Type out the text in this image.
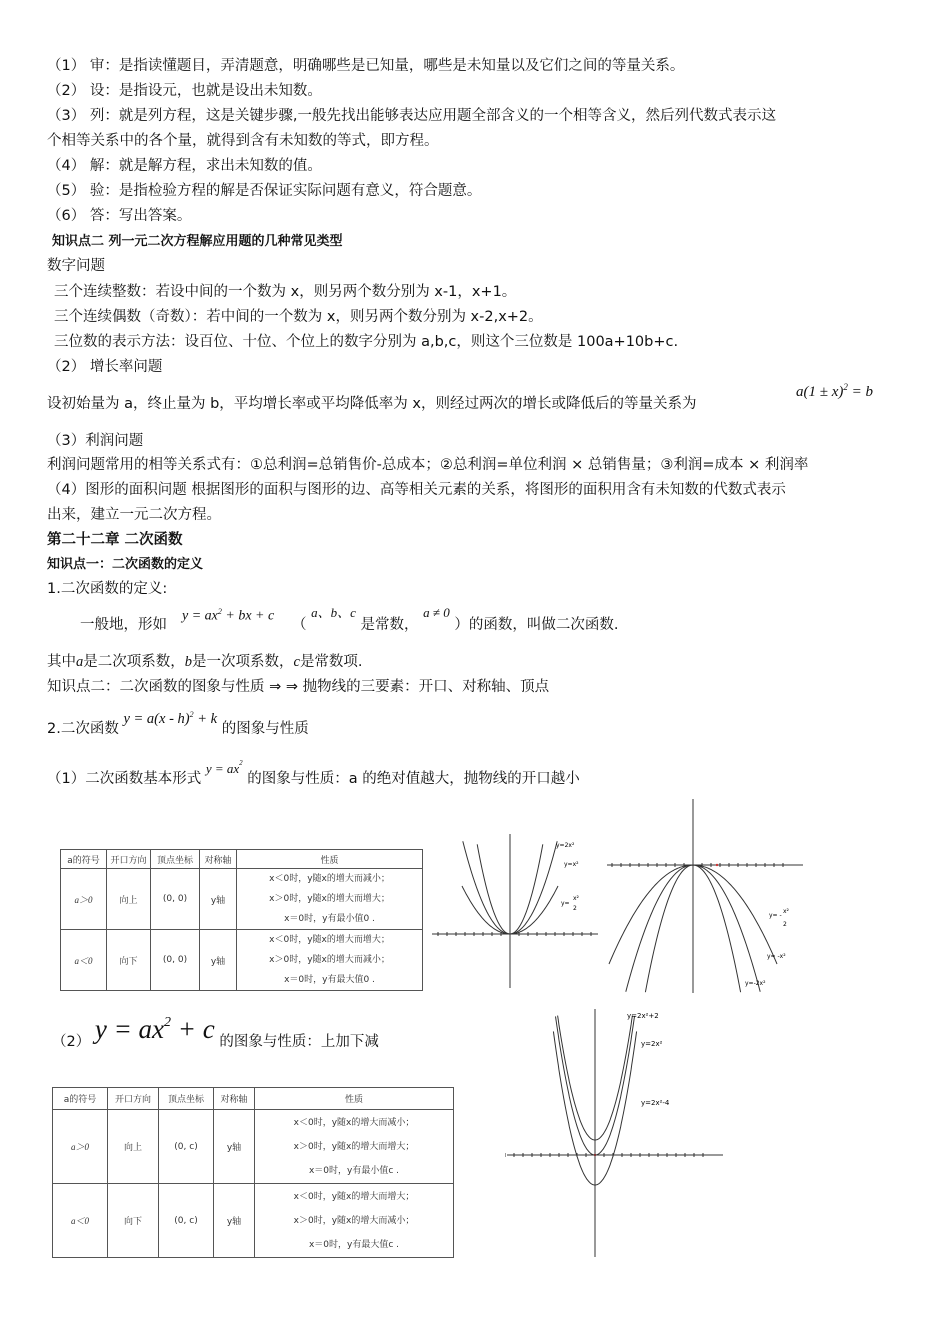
（1） 审：是指读懂题目，弄清题意，明确哪些是已知量，哪些是未知量以及它们之间的等量关系。
（2） 设：是指设元，也就是设出未知数。
（3） 列：就是列方程，这是关键步骤,一般先找出能够表达应用题全部含义的一个相等含义，然后列代数式表示这
个相等关系中的各个量，就得到含有未知数的等式，即方程。
（4） 解：就是解方程，求出未知数的值。
（5） 验：是指检验方程的解是否保证实际问题有意义，符合题意。
（6） 答：写出答案。
知识点二 列一元二次方程解应用题的几种常见类型
数字问题
三个连续整数：若设中间的一个数为 x，则另两个数分别为 x-1，x+1。
三个连续偶数（奇数）：若中间的一个数为 x，则另两个数分别为 x-2,x+2。
三位数的表示方法：设百位、十位、个位上的数字分别为 a,b,c，则这个三位数是 100a+10b+c.
（2） 增长率问题
设初始量为 a，终止量为 b，平均增长率或平均降低率为 x，则经过两次的增长或降低后的等量关系为
$a(1 \pm x)^2 = b$
（3）利润问题
利润问题常用的相等关系式有：①总利润=总销售价-总成本；②总利润=单位利润 × 总销售量；③利润=成本 × 利润率
（4）图形的面积问题 根据图形的面积与图形的边、高等相关元素的关系，将图形的面积用含有未知数的代数式表示
出来，建立一元二次方程。
第二十二章 二次函数
知识点一：二次函数的定义
1.二次函数的定义:
一般地，形如
$y = ax^2$ + bx + c
（ a、b、c 是常数， a ≠ 0 ）的函数，叫做二次函数.
其中a是二次项系数，b是一次项系数，c是常数项.
知识点二：二次函数的图象与性质 ⇒ ⇒ 抛物线的三要素：开口、对称轴、顶点
2.二次函数 y = a(x - h)$^2$ + k 的图象与性质
（1）二次函数基本形式 $y = ax^2$ 的图象与性质：a 的绝对值越大，抛物线的开口越小
a的符号	开口方向	顶点坐标	对称轴	性质
a＞0	向上	(0, 0)	y轴	x＜0时，y随x的增大而减小；
x＞0时，y随x的增大而增大；
x＝0时，y有最小值0 .

a＜0	向下	(0, 0)	y轴	x＜0时，y随x的增大而增大；
x＞0时，y随x的增大而减小；
x＝0时，y有最大值0 .
y=2x²
y=x²
y=
x²
2
y= -
x²
2
y= -x²
y=-2x²
（2） $y = ax^2 + c$ 的图象与性质：上加下减
a的符号	开口方向	顶点坐标	对称轴	性质
a＞0	向上	(0, c)	y轴	x＜0时，y随x的增大而减小；
x＞0时，y随x的增大而增大；
x＝0时，y有最小值c .

a＜0	向下	(0, c)	y轴	x＜0时，y随x的增大而增大；
x＞0时，y随x的增大而减小；
x＝0时，y有最大值c .
y=2x²+2
y=2x²
y=2x²-4
